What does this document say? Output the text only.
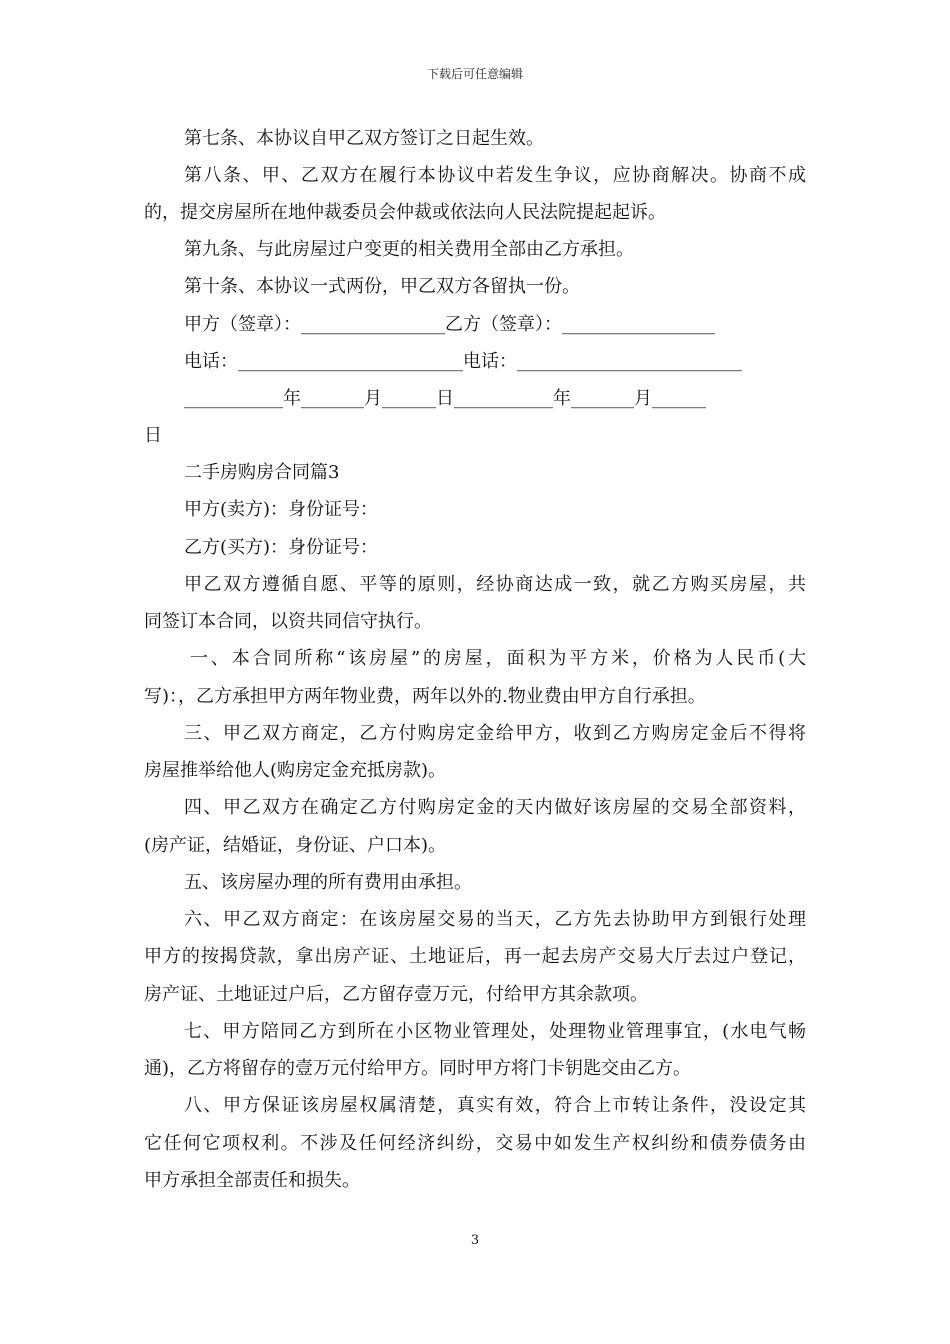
下载后可任意编辑
第七条、本协议自甲乙双方签订之日起生效。
第八条、甲、乙双方在履行本协议中若发生争议，应协商解决。协商不成
的，提交房屋所在地仲裁委员会仲裁或依法向人民法院提起起诉。
第九条、与此房屋过户变更的相关费用全部由乙方承担。
第十条、本协议一式两份，甲乙双方各留执一份。
甲方（签章）：________________乙方（签章）：_________________
电话：_________________________电话：_________________________
___________年_______月______日___________年_______月______
日
二手房购房合同篇3
甲方(卖方)：身份证号：
乙方(买方)：身份证号：
甲乙双方遵循自愿、平等的原则，经协商达成一致，就乙方购买房屋，共
同签订本合同，以资共同信守执行。
一、本合同所称“该房屋”的房屋，面积为平方米，价格为人民币(大
写)：，乙方承担甲方两年物业费，两年以外的.物业费由甲方自行承担。
三、甲乙双方商定，乙方付购房定金给甲方，收到乙方购房定金后不得将
房屋推举给他人(购房定金充抵房款)。
四、甲乙双方在确定乙方付购房定金的天内做好该房屋的交易全部资料，
(房产证，结婚证，身份证、户口本)。
五、该房屋办理的所有费用由承担。
六、甲乙双方商定：在该房屋交易的当天，乙方先去协助甲方到银行处理
甲方的按揭贷款，拿出房产证、土地证后，再一起去房产交易大厅去过户登记，
房产证、土地证过户后，乙方留存壹万元，付给甲方其余款项。
七、甲方陪同乙方到所在小区物业管理处，处理物业管理事宜，(水电气畅
通)，乙方将留存的壹万元付给甲方。同时甲方将门卡钥匙交由乙方。
八、甲方保证该房屋权属清楚，真实有效，符合上市转让条件，没设定其
它任何它项权利。不涉及任何经济纠纷，交易中如发生产权纠纷和债券债务由
甲方承担全部责任和损失。
3
